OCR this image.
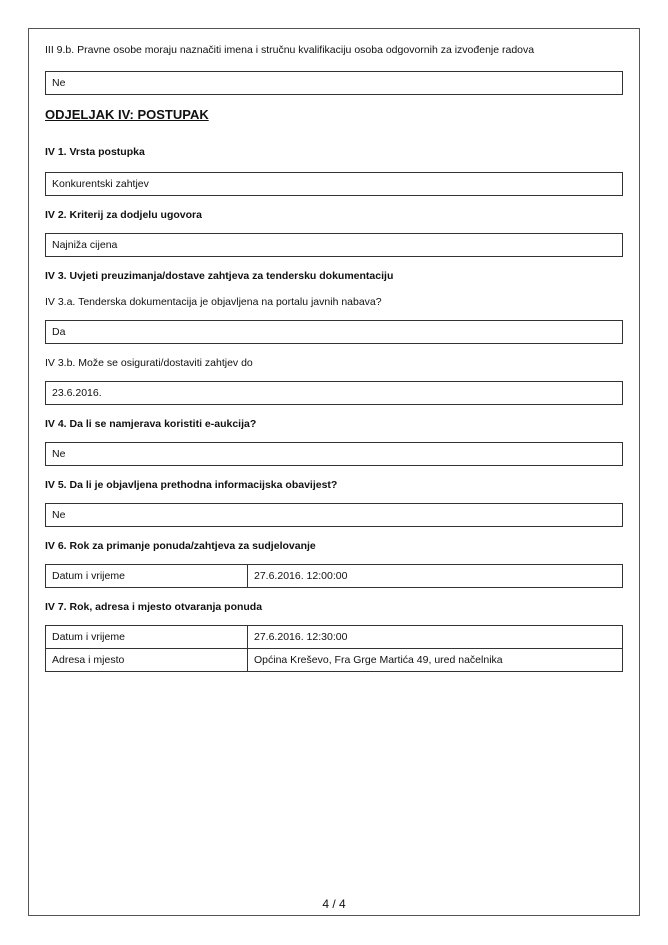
III 9.b. Pravne osobe moraju naznačiti imena i stručnu kvalifikaciju osoba odgovornih za izvođenje radova
Ne
ODJELJAK IV: POSTUPAK
IV 1. Vrsta postupka
Konkurentski zahtjev
IV 2. Kriterij za dodjelu ugovora
Najniža cijena
IV 3. Uvjeti preuzimanja/dostave zahtjeva za tendersku dokumentaciju
IV 3.a. Tenderska dokumentacija je objavljena na portalu javnih nabava?
Da
IV 3.b. Može se osigurati/dostaviti zahtjev do
23.6.2016.
IV 4. Da li se namjerava koristiti e-aukcija?
Ne
IV 5. Da li je objavljena prethodna informacijska obavijest?
Ne
IV 6. Rok za primanje ponuda/zahtjeva za sudjelovanje
Datum i vrijeme	27.6.2016. 12:00:00
IV 7. Rok, adresa i mjesto otvaranja ponuda
Datum i vrijeme	27.6.2016. 12:30:00
Adresa i mjesto	Općina Kreševo, Fra Grge Martića 49, ured načelnika
4 / 4
